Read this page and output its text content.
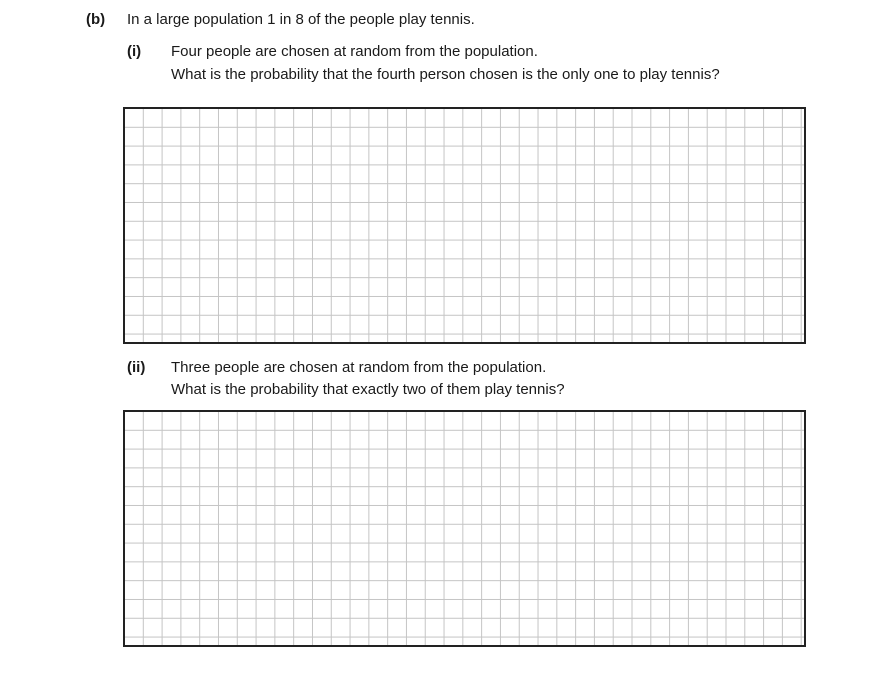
(b) In a large population 1 in 8 of the people play tennis.
(i) Four people are chosen at random from the population.
What is the probability that the fourth person chosen is the only one to play tennis?
(ii) Three people are chosen at random from the population.
What is the probability that exactly two of them play tennis?
